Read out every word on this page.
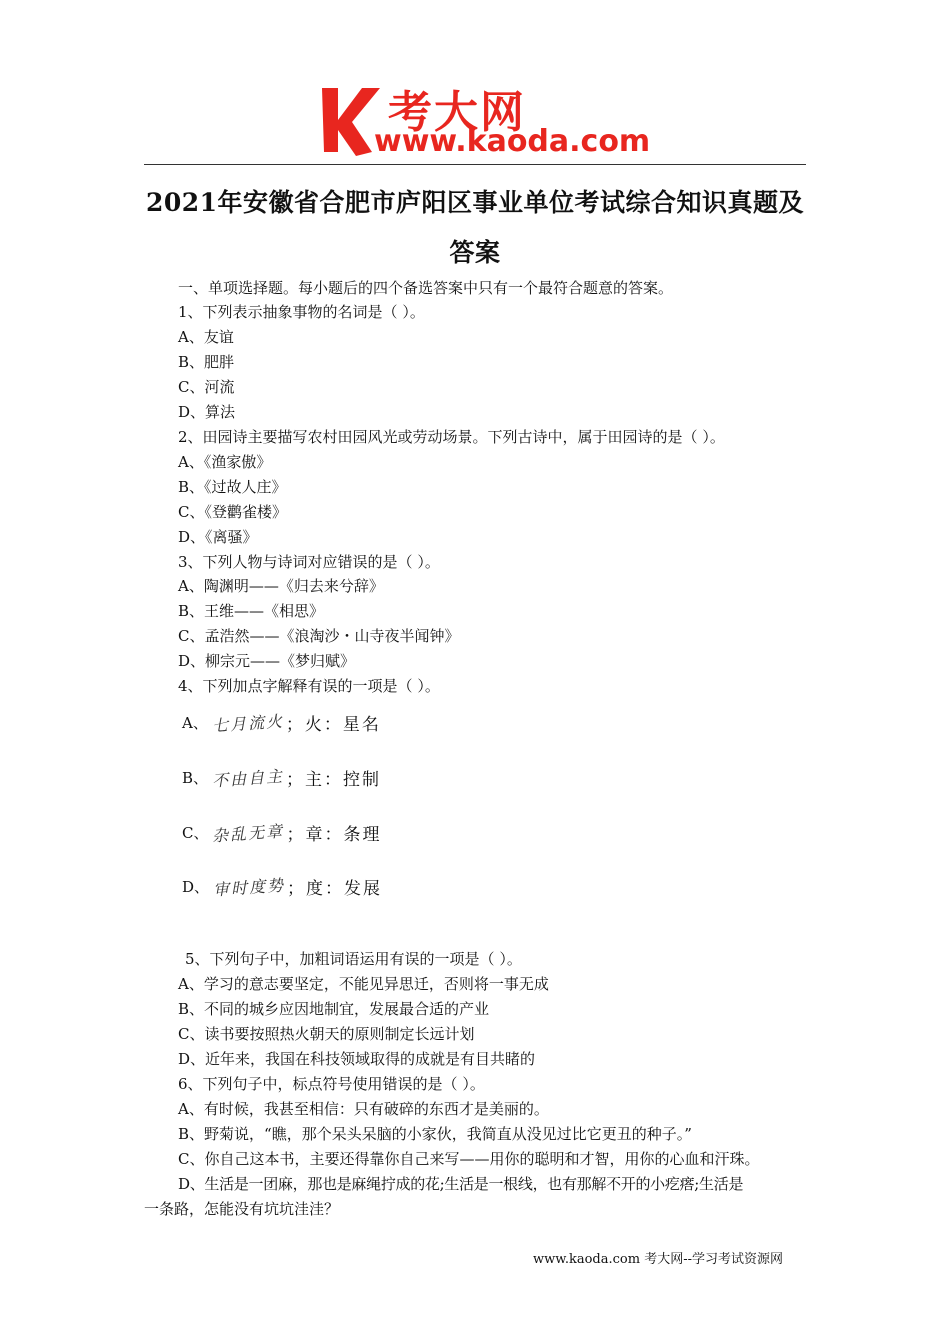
考大网
www.kaoda.com
2021年安徽省合肥市庐阳区事业单位考试综合知识真题及
答案
一、单项选择题。每小题后的四个备选答案中只有一个最符合题意的答案。
1、下列表示抽象事物的名词是（ ）。
A、友谊
B、肥胖
C、河流
D、算法
2、田园诗主要描写农村田园风光或劳动场景。下列古诗中，属于田园诗的是（ ）。
A、《渔家傲》
B、《过故人庄》
C、《登鹳雀楼》
D、《离骚》
3、下列人物与诗词对应错误的是（ ）。
A、陶渊明——《归去来兮辞》
B、王维——《相思》
C、孟浩然——《浪淘沙・山寺夜半闻钟》
D、柳宗元——《梦归赋》
4、下列加点字解释有误的一项是（ ）。
A、 七月流火 ；火：星名
B、 不由自主 ；主：控制
C、 杂乱无章 ；章：条理
D、 审时度势 ；度：发展
5、下列句子中，加粗词语运用有误的一项是（ ）。
A、学习的意志要坚定，不能见异思迁，否则将一事无成
B、不同的城乡应因地制宜，发展最合适的产业
C、读书要按照热火朝天的原则制定长远计划
D、近年来，我国在科技领域取得的成就是有目共睹的
6、下列句子中，标点符号使用错误的是（ ）。
A、有时候，我甚至相信：只有破碎的东西才是美丽的。
B、野菊说，“瞧，那个呆头呆脑的小家伙，我简直从没见过比它更丑的种子。”
C、你自己这本书，主要还得靠你自己来写——用你的聪明和才智，用你的心血和汗珠。
D、生活是一团麻，那也是麻绳拧成的花;生活是一根线，也有那解不开的小疙瘩;生活是
一条路，怎能没有坑坑洼洼？
www.kaoda.com 考大网--学习考试资源网
